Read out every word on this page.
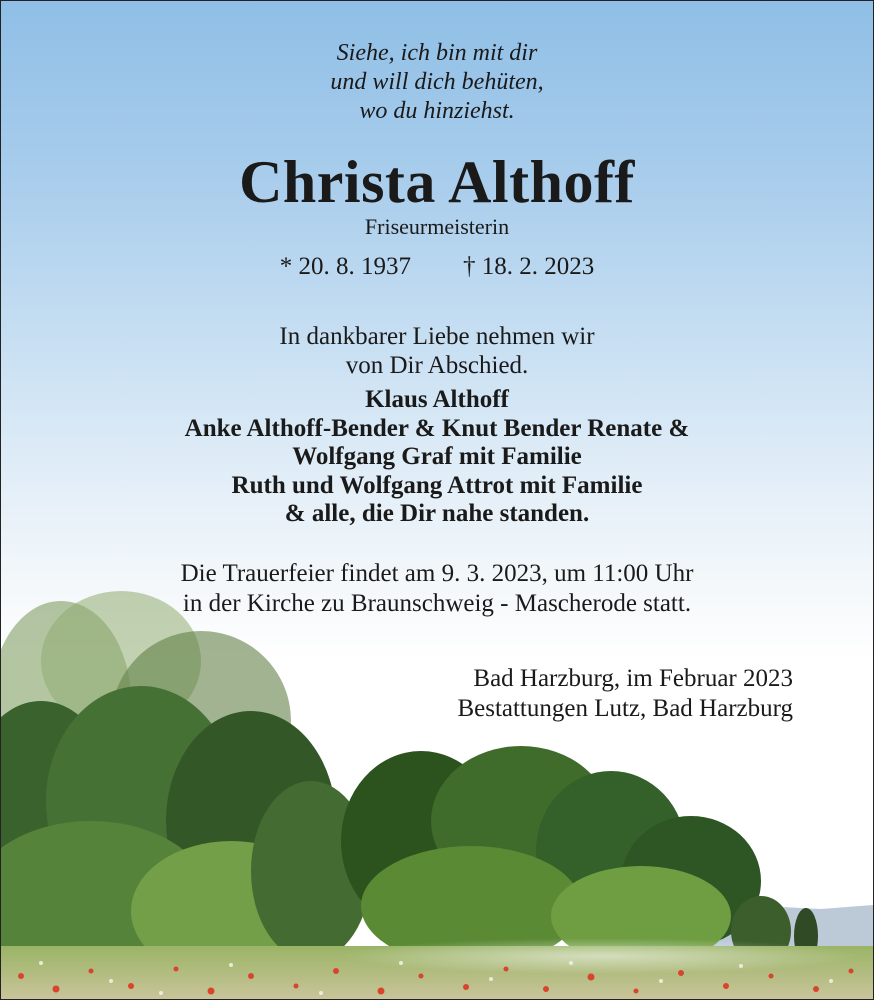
Siehe, ich bin mit dir
und will dich behüten,
wo du hinziehst.
Christa Althoff
Friseurmeisterin
* 20. 8. 1937 † 18. 2. 2023
In dankbarer Liebe nehmen wir
von Dir Abschied.
Klaus Althoff
Anke Althoff-Bender & Knut Bender Renate &
Wolfgang Graf mit Familie
Ruth und Wolfgang Attrot mit Familie
& alle, die Dir nahe standen.
Die Trauerfeier findet am 9. 3. 2023, um 11:00 Uhr
in der Kirche zu Braunschweig - Mascherode statt.
Bad Harzburg, im Februar 2023
Bestattungen Lutz, Bad Harzburg
